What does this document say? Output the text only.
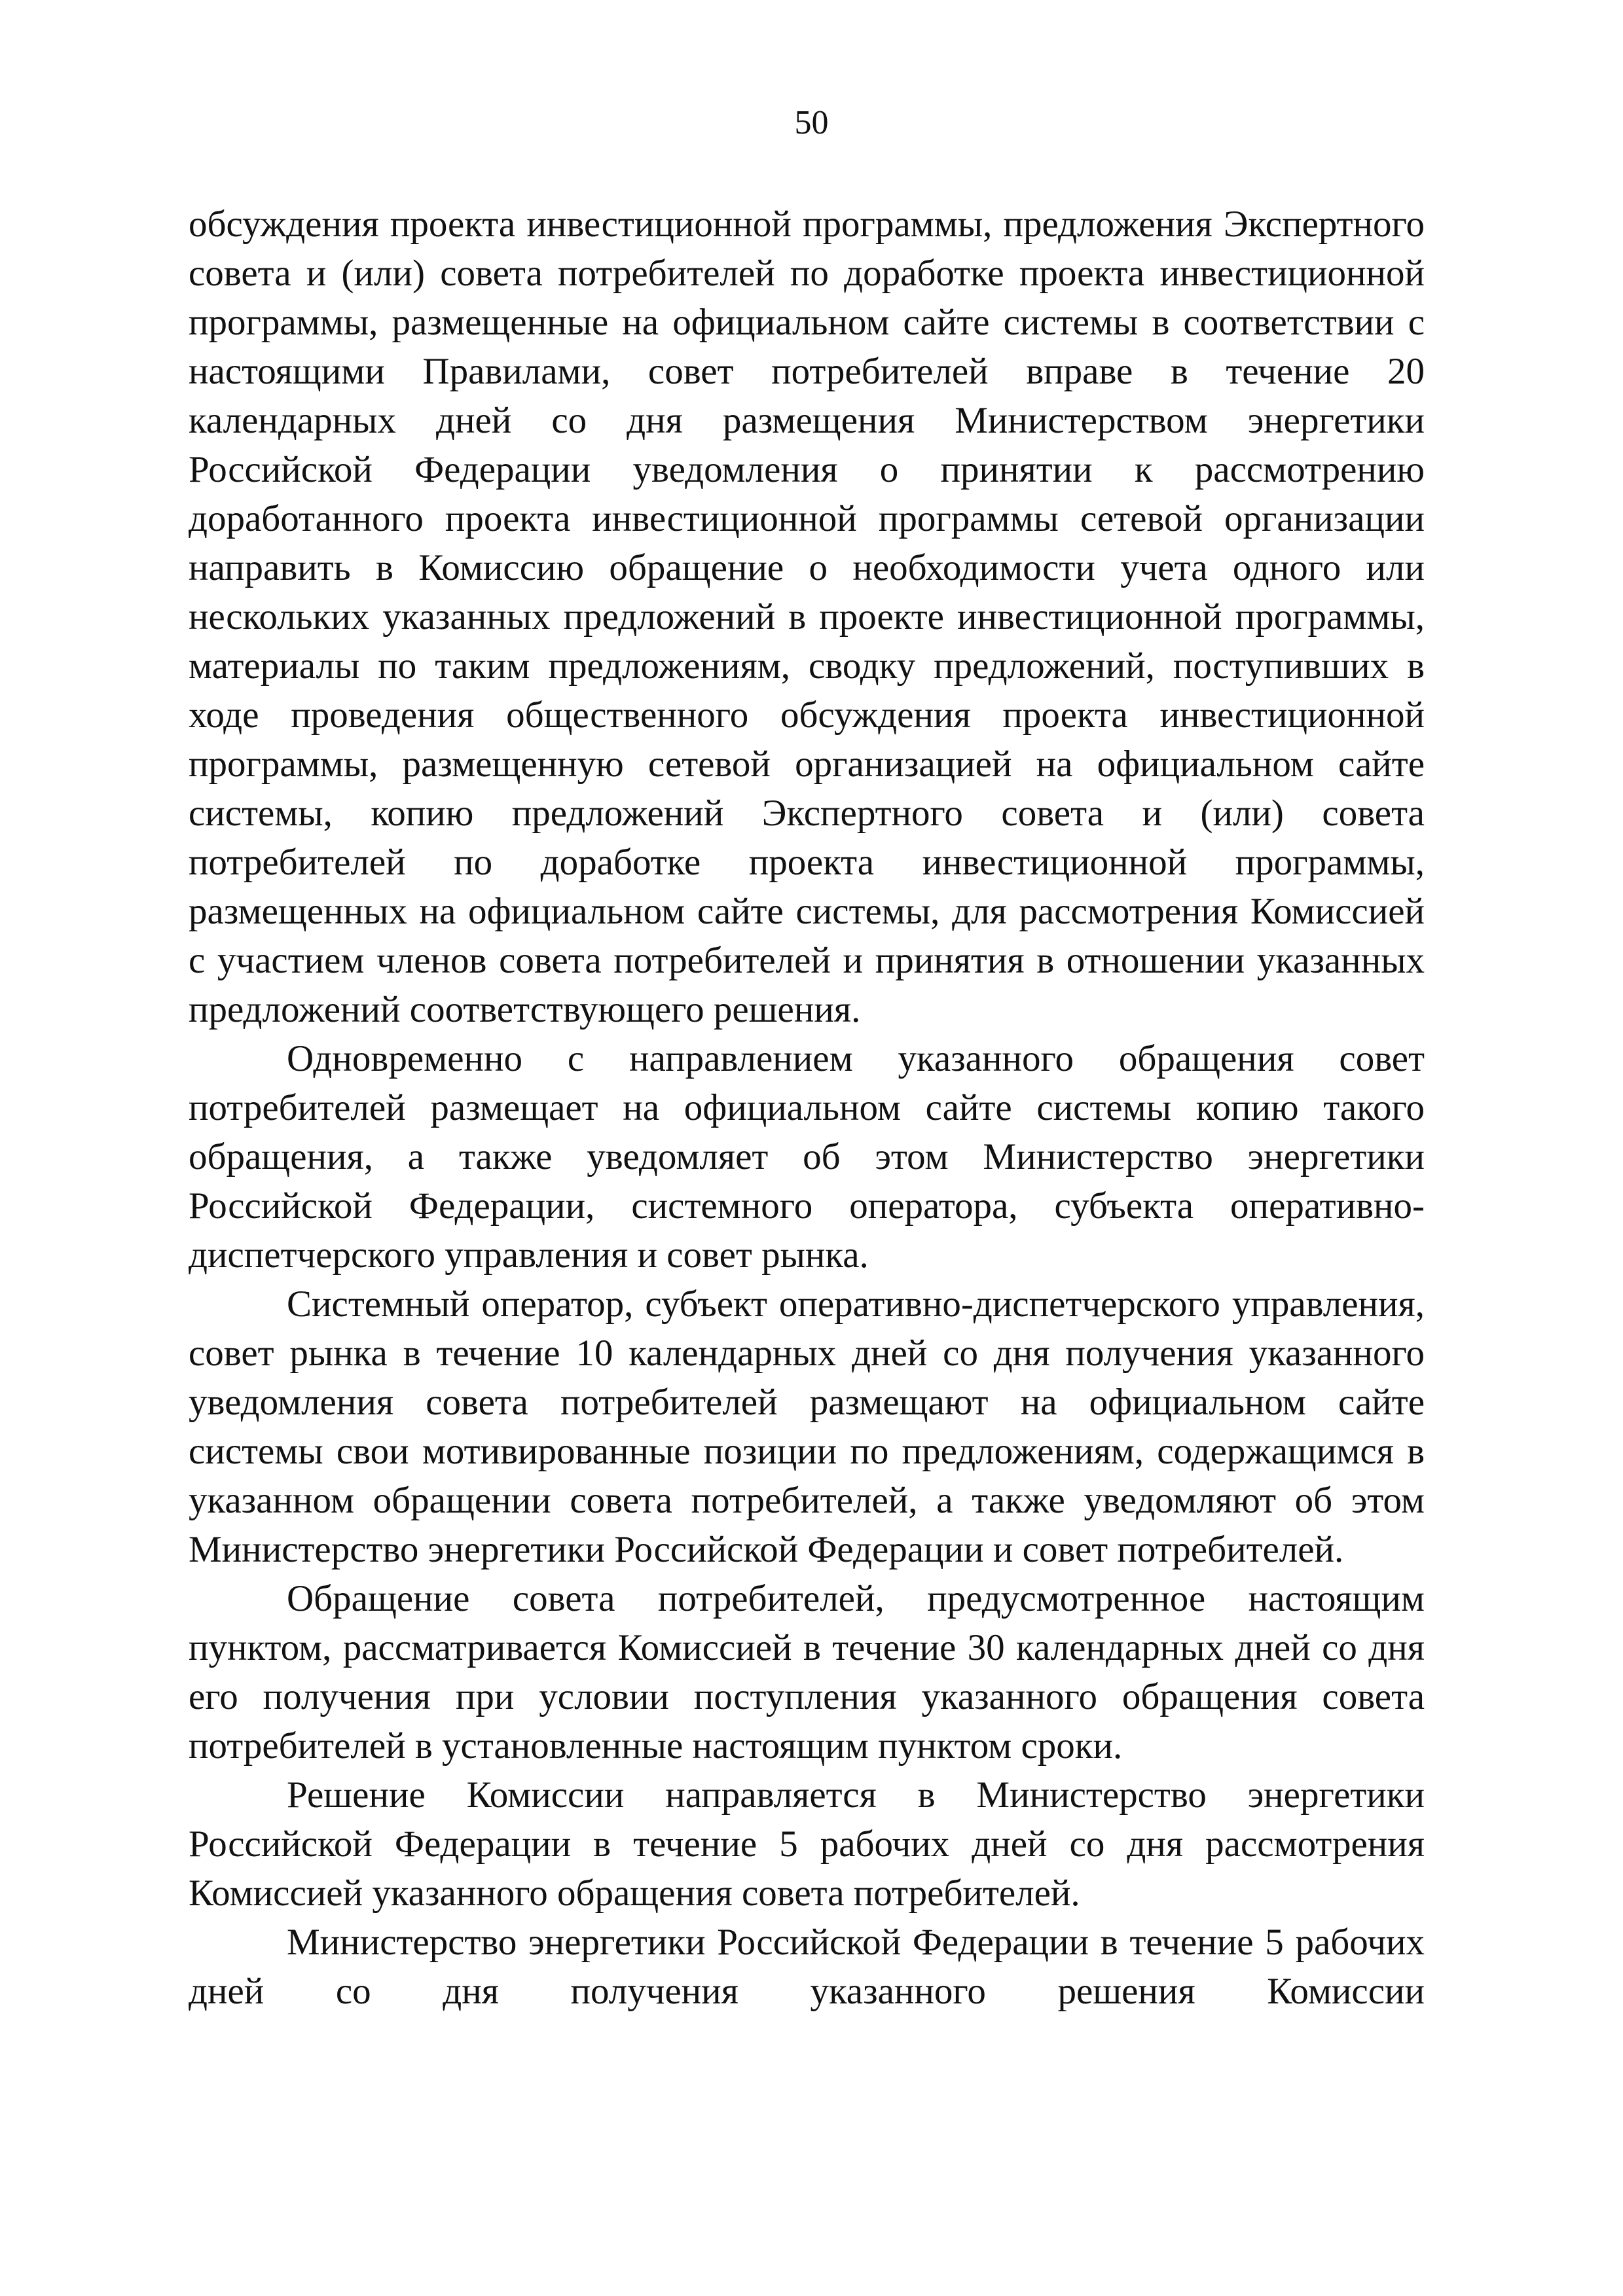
50

обсуждения проекта инвестиционной программы, предложения Экспертного совета и (или) совета потребителей по доработке проекта инвестиционной программы, размещенные на официальном сайте системы в соответствии с настоящими Правилами, совет потребителей вправе в течение 20 календарных дней со дня размещения Министерством энергетики Российской Федерации уведомления о принятии к рассмотрению доработанного проекта инвестиционной программы сетевой организации направить в Комиссию обращение о необходимости учета одного или нескольких указанных предложений в проекте инвестиционной программы, материалы по таким предложениям, сводку предложений, поступивших в ходе проведения общественного обсуждения проекта инвестиционной программы, размещенную сетевой организацией на официальном сайте системы, копию предложений Экспертного совета и (или) совета потребителей по доработке проекта инвестиционной программы, размещенных на официальном сайте системы, для рассмотрения Комиссией с участием членов совета потребителей и принятия в отношении указанных предложений соответствующего решения.

Одновременно с направлением указанного обращения совет потребителей размещает на официальном сайте системы копию такого обращения, а также уведомляет об этом Министерство энергетики Российской Федерации, системного оператора, субъекта оперативно-диспетчерского управления и совет рынка.

Системный оператор, субъект оперативно-диспетчерского управления, совет рынка в течение 10 календарных дней со дня получения указанного уведомления совета потребителей размещают на официальном сайте системы свои мотивированные позиции по предложениям, содержащимся в указанном обращении совета потребителей, а также уведомляют об этом Министерство энергетики Российской Федерации и совет потребителей.

Обращение совета потребителей, предусмотренное настоящим пунктом, рассматривается Комиссией в течение 30 календарных дней со дня его получения при условии поступления указанного обращения совета потребителей в установленные настоящим пунктом сроки.

Решение Комиссии направляется в Министерство энергетики Российской Федерации в течение 5 рабочих дней со дня рассмотрения Комиссией указанного обращения совета потребителей.

Министерство энергетики Российской Федерации в течение 5 рабочих дней со дня получения указанного решения Комиссии
